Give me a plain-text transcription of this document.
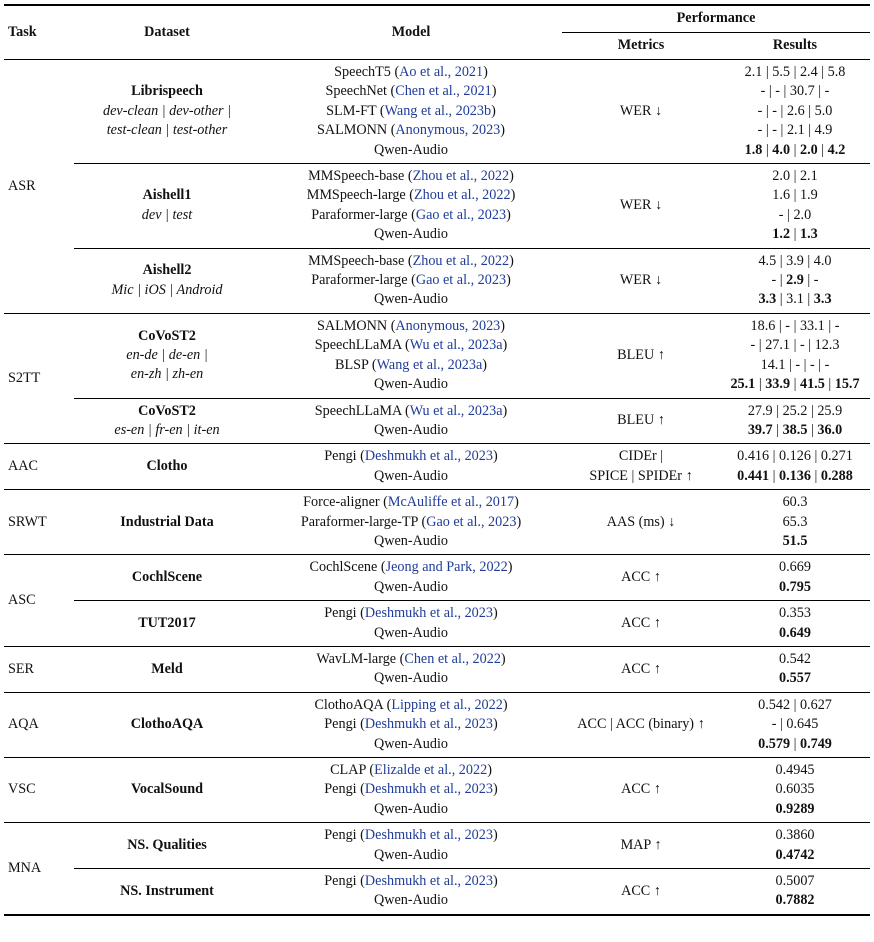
Task	Dataset	Model	Performance	
			Metrics	Results
ASR	Librispeech
dev-clean | dev-other |
test-clean | test-other	SpeechT5 (Ao et al., 2021)
SpeechNet (Chen et al., 2021)
SLM-FT (Wang et al., 2023b)
SALMONN (Anonymous, 2023)
Qwen-Audio	WER ↓	2.1 | 5.5 | 2.4 | 5.8
- | - | 30.7 | -
- | - | 2.6 | 5.0
- | - | 2.1 | 4.9
1.8 | 4.0 | 2.0 | 4.2

	Aishell1
dev | test	MMSpeech-base (Zhou et al., 2022)
MMSpeech-large (Zhou et al., 2022)
Paraformer-large (Gao et al., 2023)
Qwen-Audio	WER ↓	2.0 | 2.1
1.6 | 1.9
- | 2.0
1.2 | 1.3

	Aishell2
Mic | iOS | Android	MMSpeech-base (Zhou et al., 2022)
Paraformer-large (Gao et al., 2023)
Qwen-Audio	WER ↓	4.5 | 3.9 | 4.0
- | 2.9 | -
3.3 | 3.1 | 3.3

S2TT	CoVoST2
en-de | de-en |
en-zh | zh-en	SALMONN (Anonymous, 2023)
SpeechLLaMA (Wu et al., 2023a)
BLSP (Wang et al., 2023a)
Qwen-Audio	BLEU ↑	18.6 | - | 33.1 | -
- | 27.1 | - | 12.3
14.1 | - | - | -
25.1 | 33.9 | 41.5 | 15.7

	CoVoST2
es-en | fr-en | it-en	SpeechLLaMA (Wu et al., 2023a)
Qwen-Audio	BLEU ↑	27.9 | 25.2 | 25.9
39.7 | 38.5 | 36.0

AAC	Clotho	Pengi (Deshmukh et al., 2023)
Qwen-Audio	CIDEr |
SPICE | SPIDEr ↑	0.416 | 0.126 | 0.271
0.441 | 0.136 | 0.288

SRWT	Industrial Data	Force-aligner (McAuliffe et al., 2017)
Paraformer-large-TP (Gao et al., 2023)
Qwen-Audio	AAS (ms) ↓	60.3
65.3
51.5

ASC	CochlScene	CochlScene (Jeong and Park, 2022)
Qwen-Audio	ACC ↑	0.669
0.795

	TUT2017	Pengi (Deshmukh et al., 2023)
Qwen-Audio	ACC ↑	0.353
0.649

SER	Meld	WavLM-large (Chen et al., 2022)
Qwen-Audio	ACC ↑	0.542
0.557

AQA	ClothoAQA	ClothoAQA (Lipping et al., 2022)
Pengi (Deshmukh et al., 2023)
Qwen-Audio	ACC | ACC (binary) ↑	0.542 | 0.627
- | 0.645
0.579 | 0.749

VSC	VocalSound	CLAP (Elizalde et al., 2022)
Pengi (Deshmukh et al., 2023)
Qwen-Audio	ACC ↑	0.4945
0.6035
0.9289

MNA	NS. Qualities	Pengi (Deshmukh et al., 2023)
Qwen-Audio	MAP ↑	0.3860
0.4742

	NS. Instrument	Pengi (Deshmukh et al., 2023)
Qwen-Audio	ACC ↑	0.5007
0.7882
